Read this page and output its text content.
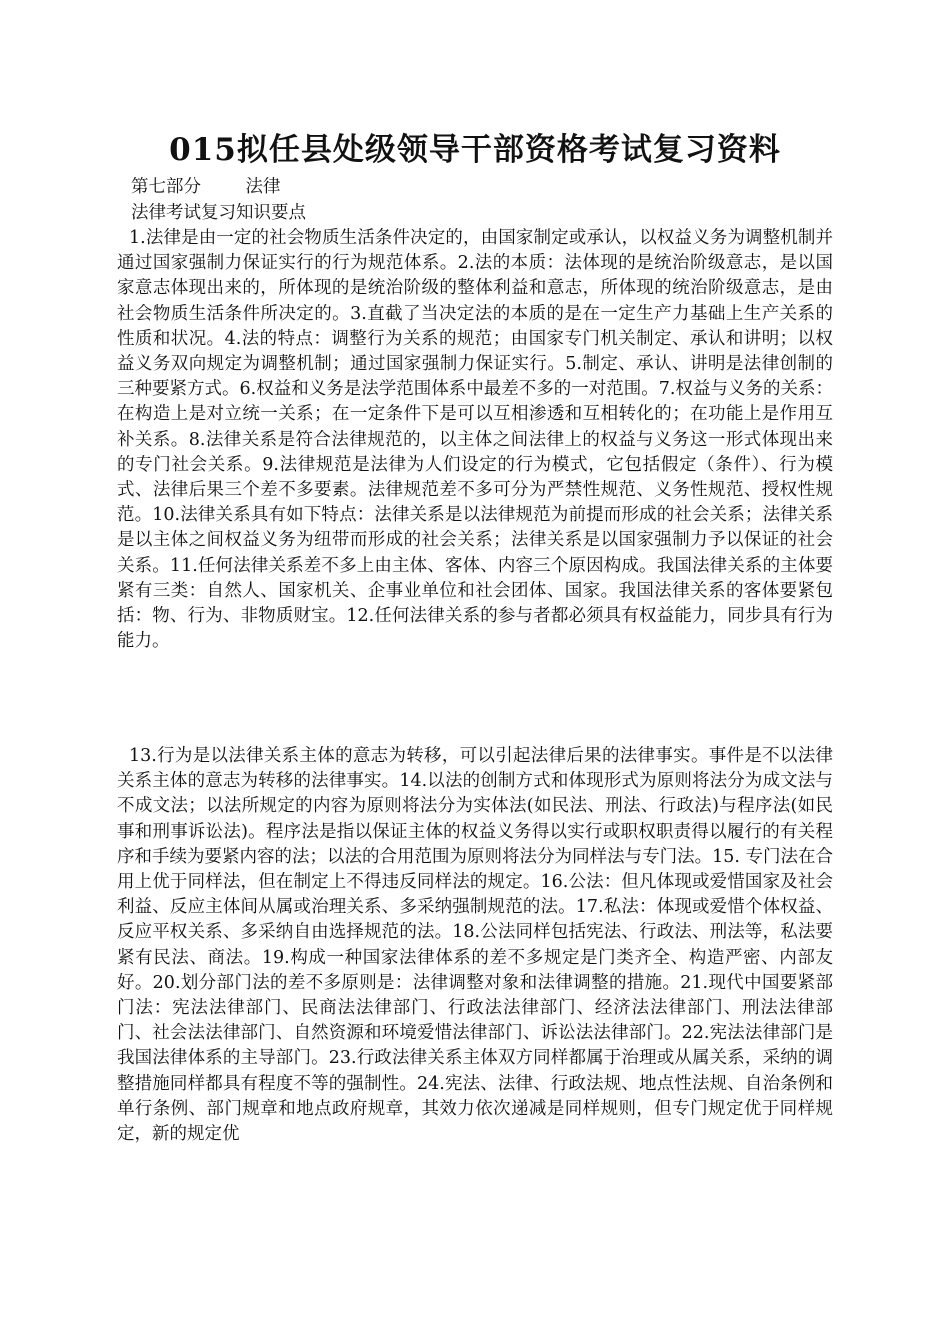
015拟任县处级领导干部资格考试复习资料
第七部分        法律
法律考试复习知识要点
1.法律是由一定的社会物质生活条件决定的，由国家制定或承认，以权益义务为调整机制并通过国家强制力保证实行的行为规范体系。2.法的本质：法体现的是统治阶级意志，是以国家意志体现出来的，所体现的是统治阶级的整体利益和意志，所体现的统治阶级意志，是由社会物质生活条件所决定的。3.直截了当决定法的本质的是在一定生产力基础上生产关系的性质和状况。4.法的特点：调整行为关系的规范；由国家专门机关制定、承认和讲明；以权益义务双向规定为调整机制；通过国家强制力保证实行。5.制定、承认、讲明是法律创制的三种要紧方式。6.权益和义务是法学范围体系中最差不多的一对范围。7.权益与义务的关系：在构造上是对立统一关系；在一定条件下是可以互相渗透和互相转化的；在功能上是作用互补关系。8.法律关系是符合法律规范的，以主体之间法律上的权益与义务这一形式体现出来的专门社会关系。9.法律规范是法律为人们设定的行为模式，它包括假定（条件）、行为模式、法律后果三个差不多要素。法律规范差不多可分为严禁性规范、义务性规范、授权性规范。10.法律关系具有如下特点：法律关系是以法律规范为前提而形成的社会关系；法律关系是以主体之间权益义务为纽带而形成的社会关系；法律关系是以国家强制力予以保证的社会关系。11.任何法律关系差不多上由主体、客体、内容三个原因构成。我国法律关系的主体要紧有三类：自然人、国家机关、企事业单位和社会团体、国家。我国法律关系的客体要紧包括：物、行为、非物质财宝。12.任何法律关系的参与者都必须具有权益能力，同步具有行为能力。
13.行为是以法律关系主体的意志为转移，可以引起法律后果的法律事实。事件是不以法律关系主体的意志为转移的法律事实。14.以法的创制方式和体现形式为原则将法分为成文法与不成文法；以法所规定的内容为原则将法分为实体法(如民法、刑法、行政法)与程序法(如民事和刑事诉讼法)。程序法是指以保证主体的权益义务得以实行或职权职责得以履行的有关程序和手续为要紧内容的法；以法的合用范围为原则将法分为同样法与专门法。15. 专门法在合用上优于同样法，但在制定上不得违反同样法的规定。16.公法：但凡体现或爱惜国家及社会利益、反应主体间从属或治理关系、多采纳强制规范的法。17.私法：体现或爱惜个体权益、反应平权关系、多采纳自由选择规范的法。18.公法同样包括宪法、行政法、刑法等，私法要紧有民法、商法。19.构成一种国家法律体系的差不多规定是门类齐全、构造严密、内部友好。20.划分部门法的差不多原则是：法律调整对象和法律调整的措施。21.现代中国要紧部门法：宪法法律部门、民商法法律部门、行政法法律部门、经济法法律部门、刑法法律部门、社会法法律部门、自然资源和环境爱惜法律部门、诉讼法法律部门。22.宪法法律部门是我国法律体系的主导部门。23.行政法律关系主体双方同样都属于治理或从属关系，采纳的调整措施同样都具有程度不等的强制性。24.宪法、法律、行政法规、地点性法规、自治条例和单行条例、部门规章和地点政府规章，其效力依次递减是同样规则，但专门规定优于同样规定，新的规定优
